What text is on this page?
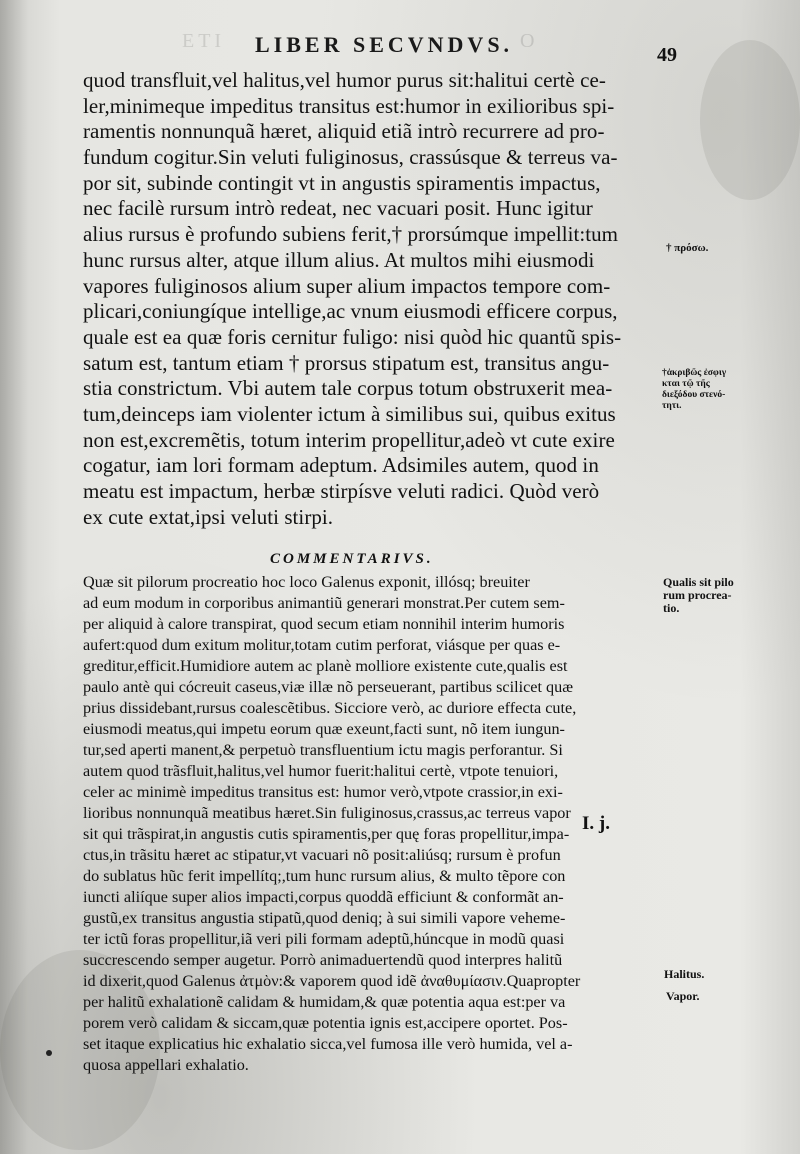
ETI	O
LIBER SECVNDVS.	49
quod transfluit,vel halitus,vel humor purus sit:halitui certè ce-
ler,minimeque impeditus transitus est:humor in exilioribus spi-
ramentis nonnunquã hæret, aliquid etiã intrò recurrere ad pro-
fundum cogitur.Sin veluti fuliginosus, crassúsque & terreus va-
por sit, subinde contingit vt in angustis spiramentis impactus,
nec facilè rursum intrò redeat, nec vacuari posit. Hunc igitur
alius rursus è profundo subiens ferit,† prorsúmque impellit:tum
hunc rursus alter, atque illum alius. At multos mihi eiusmodi
vapores fuliginosos alium super alium impactos tempore com-
plicari,coniungíque intellige,ac vnum eiusmodi efficere corpus,
quale est ea quæ foris cernitur fuligo: nisi quòd hic quantũ spis-
satum est, tantum etiam † prorsus stipatum est, transitus angu-
stia constrictum. Vbi autem tale corpus totum obstruxerit mea-
tum,deinceps iam violenter ictum à similibus sui, quibus exitus
non est,excremẽtis, totum interim propellitur,adeò vt cute exire
cogatur, iam lori formam adeptum. Adsimiles autem, quod in
meatu est impactum, herbæ stirpísve veluti radici. Quòd verò
ex cute extat,ipsi veluti stirpi.
COMMENTARIVS.
Quæ sit pilorum procreatio hoc loco Galenus exponit, illósq; breuiter
ad eum modum in corporibus animantiũ generari monstrat.Per cutem sem-
per aliquid à calore transpirat, quod secum etiam nonnihil interim humoris
aufert:quod dum exitum molitur,totam cutim perforat, viásque per quas e-
greditur,efficit.Humidiore autem ac planè molliore existente cute,qualis est
paulo antè qui cócreuit caseus,viæ illæ nõ perseuerant, partibus scilicet quæ
prius dissidebant,rursus coalescẽtibus. Sicciore verò, ac duriore effecta cute,
eiusmodi meatus,qui impetu eorum quæ exeunt,facti sunt, nõ item iungun-
tur,sed aperti manent,& perpetuò transfluentium ictu magis perforantur. Si
autem quod trãsfluit,halitus,vel humor fuerit:halitui certè, vtpote tenuiori,
celer ac minimè impeditus transitus est: humor verò,vtpote crassior,in exi-
lioribus nonnunquã meatibus hæret.Sin fuliginosus,crassus,ac terreus vapor
sit qui trãspirat,in angustis cutis spiramentis,per quę foras propellitur,impa-
ctus,in trãsitu hæret ac stipatur,vt vacuari nõ posit:aliúsq; rursum è profun
do sublatus hũc ferit impellítq;,tum hunc rursum alius, & multo tẽpore con
iuncti aliíque super alios impacti,corpus quoddã efficiunt & conformãt an-
gustũ,ex transitus angustia stipatũ,quod deniq; à sui simili vapore veheme-
ter ictũ foras propellitur,iã veri pili formam adeptũ,húncque in modũ quasi
succrescendo semper augetur. Porrò animaduertendũ quod interpres halitũ
id dixerit,quod Galenus ἀτμὸν:& vaporem quod idẽ ἀναθυμίασιν.Quapropter
per halitũ exhalationẽ calidam & humidam,& quæ potentia aqua est:per va
porem verò calidam & siccam,quæ potentia ignis est,accipere oportet. Pos-
set itaque explicatius hic exhalatio sicca,vel fumosa ille verò humida, vel a-
quosa appellari exhalatio.
I. j.
† πρόσω.
†ἀκριβῶς ἐσφιγ
κται τῷ τῆς
διεξόδου στενό-
τητι.
Qualis sit pilo
rum procrea-
tio.
Halitus.
Vapor.
